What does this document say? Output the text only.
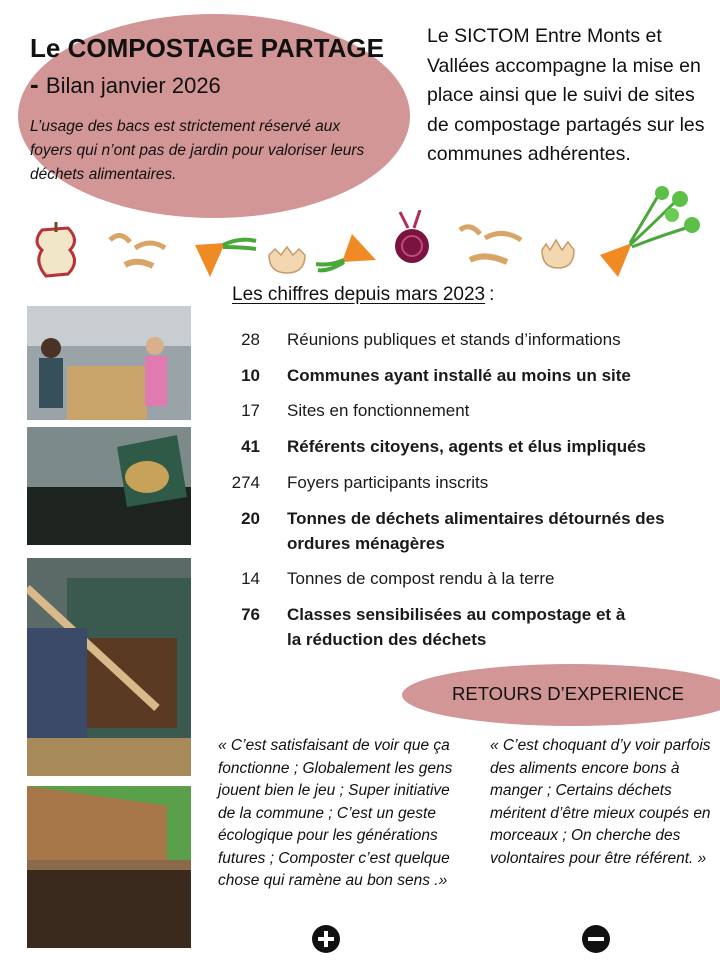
Le COMPOSTAGE PARTAGE - Bilan janvier 2026
L’usage des bacs est strictement réservé aux foyers qui n’ont pas de jardin pour valoriser leurs déchets alimentaires.
Le SICTOM Entre Monts et Vallées accompagne la mise en place ainsi que le suivi de sites de compostage partagés sur les communes adhérentes.
Les chiffres depuis mars 2023 :
28 Réunions publiques et stands d’informations
10 Communes ayant installé au moins un site
17 Sites en fonctionnement
41 Référents citoyens, agents et élus impliqués
274 Foyers participants inscrits
20 Tonnes de déchets alimentaires détournés des ordures ménagères
14 Tonnes de compost rendu à la terre
76 Classes sensibilisées au compostage et à la réduction des déchets
RETOURS D’EXPERIENCE
« C’est satisfaisant de voir que ça fonctionne ; Globalement les gens jouent bien le jeu ; Super initiative de la commune ; C’est un geste écologique pour les générations futures ; Composter c’est quelque chose qui ramène au bon sens .»
« C’est choquant d’y voir parfois des aliments encore bons à manger ; Certains déchets méritent d’être mieux coupés en morceaux ; On cherche des volontaires pour être référent. »
